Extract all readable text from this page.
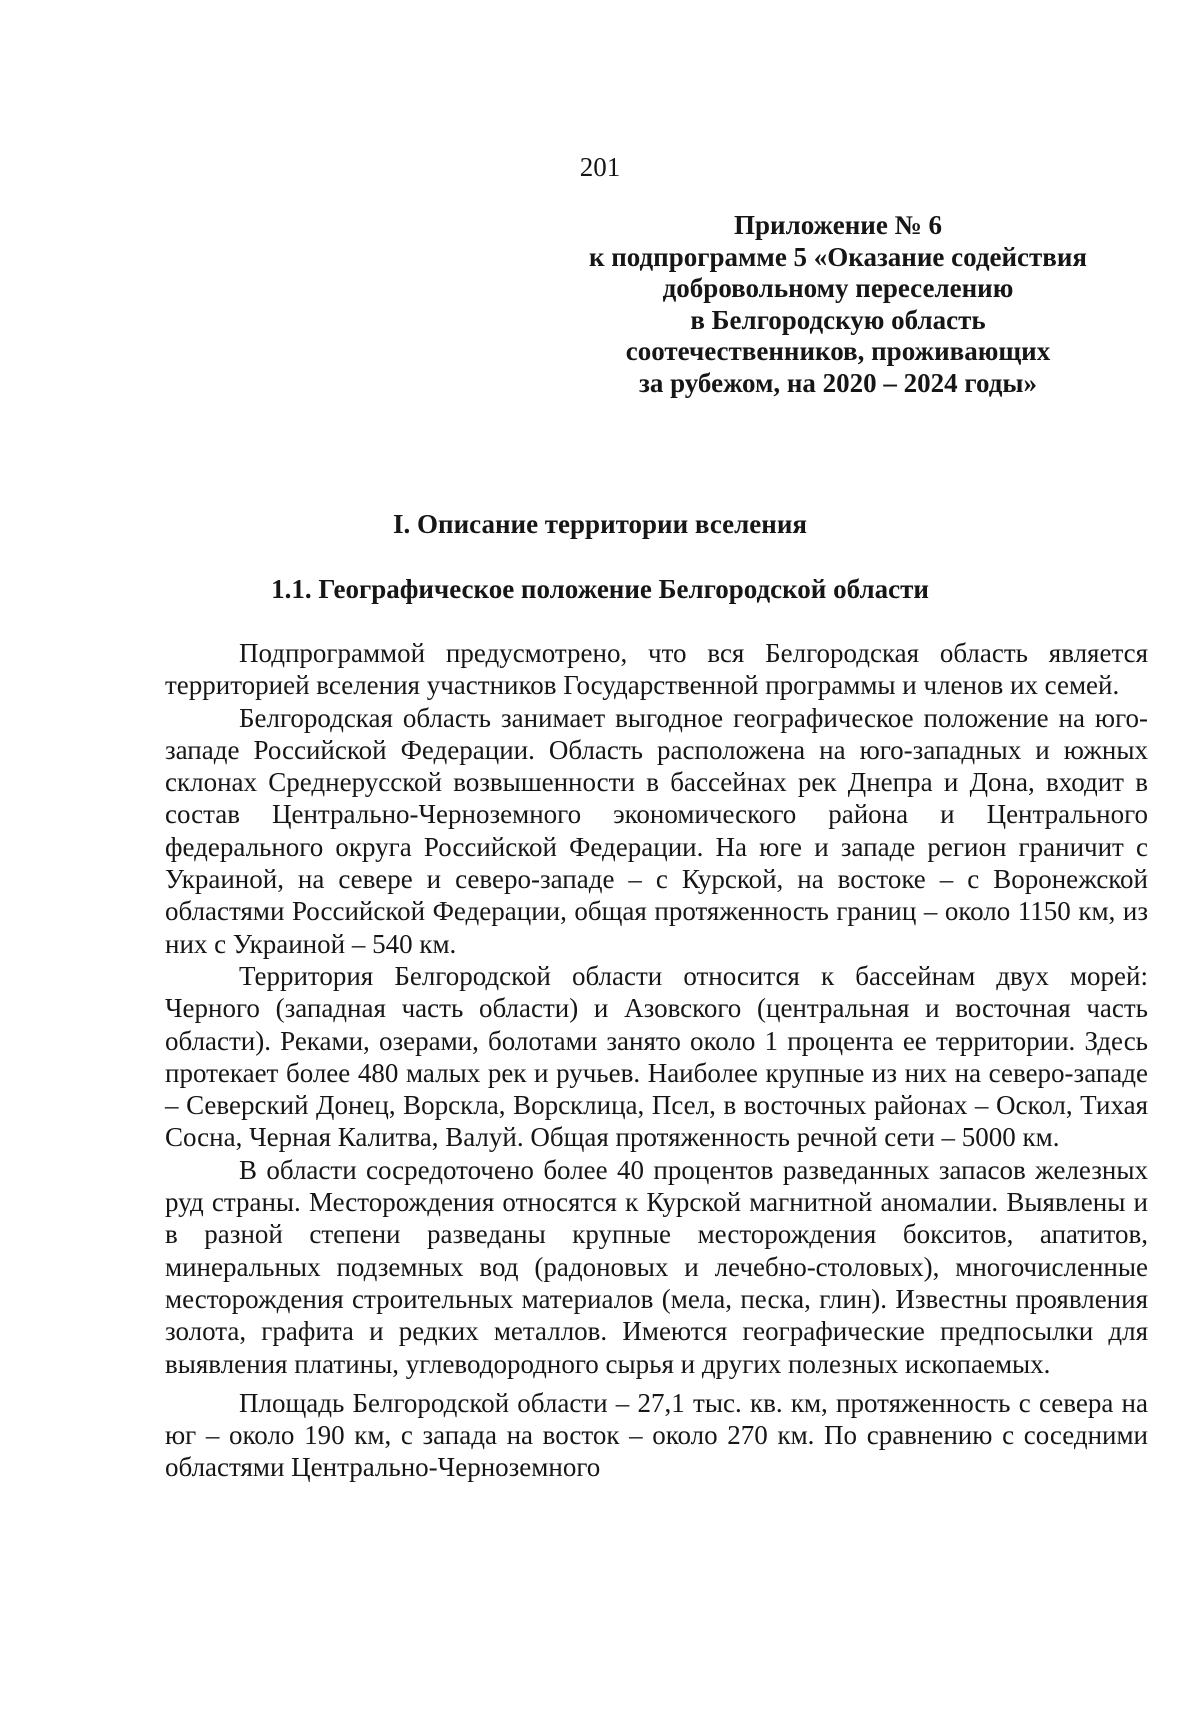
201

Приложение № 6
к подпрограмме 5 «Оказание содействия
добровольному переселению
в Белгородскую область
соотечественников, проживающих
за рубежом, на 2020 – 2024 годы»
I. Описание территории вселения
1.1. Географическое положение Белгородской области

Подпрограммой предусмотрено, что вся Белгородская область является территорией вселения участников Государственной программы и членов их семей.

Белгородская область занимает выгодное географическое положение на юго-западе Российской Федерации. Область расположена на юго-западных и южных склонах Среднерусской возвышенности в бассейнах рек Днепра и Дона, входит в состав Центрально-Черноземного экономического района и Центрального федерального округа Российской Федерации. На юге и западе регион граничит с Украиной, на севере и северо-западе – с Курской, на востоке – с Воронежской областями Российской Федерации, общая протяженность границ – около 1150 км, из них с Украиной – 540 км.

Территория Белгородской области относится к бассейнам двух морей: Черного (западная часть области) и Азовского (центральная и восточная часть области). Реками, озерами, болотами занято около 1 процента ее территории. Здесь протекает более 480 малых рек и ручьев. Наиболее крупные из них на северо-западе – Северский Донец, Ворскла, Ворсклица, Псел, в восточных районах – Оскол, Тихая Сосна, Черная Калитва, Валуй. Общая протяженность речной сети – 5000 км.

В области сосредоточено более 40 процентов разведанных запасов железных руд страны. Месторождения относятся к Курской магнитной аномалии. Выявлены и в разной степени разведаны крупные месторождения бокситов, апатитов, минеральных подземных вод (радоновых и лечебно-столовых), многочисленные месторождения строительных материалов (мела, песка, глин). Известны проявления золота, графита и редких металлов. Имеются географические предпосылки для выявления платины, углеводородного сырья и других полезных ископаемых.

Площадь Белгородской области – 27,1 тыс. кв. км, протяженность с севера на юг – около 190 км, с запада на восток – около 270 км. По сравнению с соседними областями Центрально-Черноземного
